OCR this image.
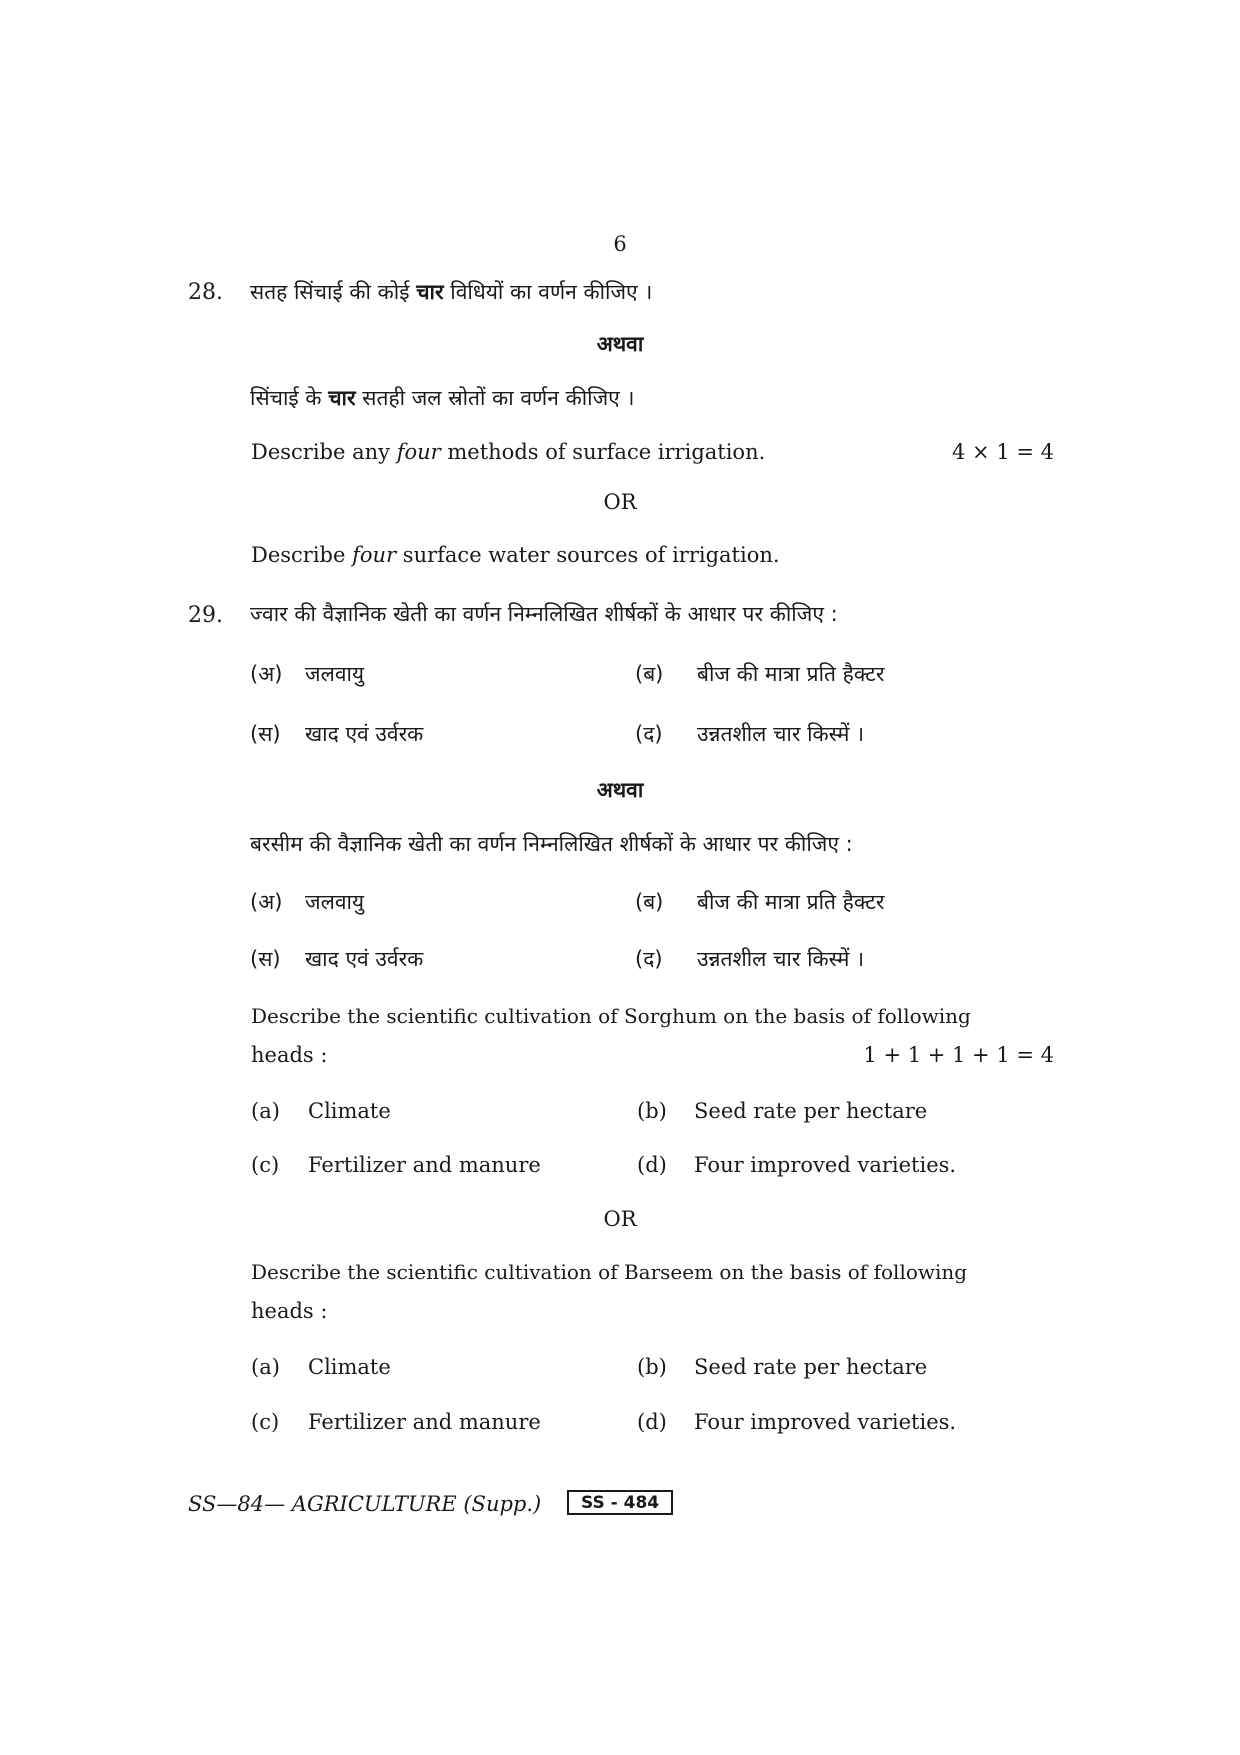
6
28. सतह सिंचाई की कोई चार विधियों का वर्णन कीजिए ।
अथवा
सिंचाई के चार सतही जल स्रोतों का वर्णन कीजिए ।
Describe any four methods of surface irrigation.	4 × 1 = 4
OR
Describe four surface water sources of irrigation.
29. ज्वार की वैज्ञानिक खेती का वर्णन निम्नलिखित शीर्षकों के आधार पर कीजिए :
(अ) जलवायु	(ब) बीज की मात्रा प्रति हैक्टर
(स) खाद एवं उर्वरक	(द) उन्नतशील चार किस्में ।
अथवा
बरसीम की वैज्ञानिक खेती का वर्णन निम्नलिखित शीर्षकों के आधार पर कीजिए :
(अ) जलवायु	(ब) बीज की मात्रा प्रति हैक्टर
(स) खाद एवं उर्वरक	(द) उन्नतशील चार किस्में ।
Describe the scientific cultivation of Sorghum on the basis of following
heads :	1 + 1 + 1 + 1 = 4
(a) Climate	(b) Seed rate per hectare
(c) Fertilizer and manure	(d) Four improved varieties.
OR
Describe the scientific cultivation of Barseem on the basis of following
heads :
(a) Climate	(b) Seed rate per hectare
(c) Fertilizer and manure	(d) Four improved varieties.
SS—84— AGRICULTURE (Supp.)	SS - 484
